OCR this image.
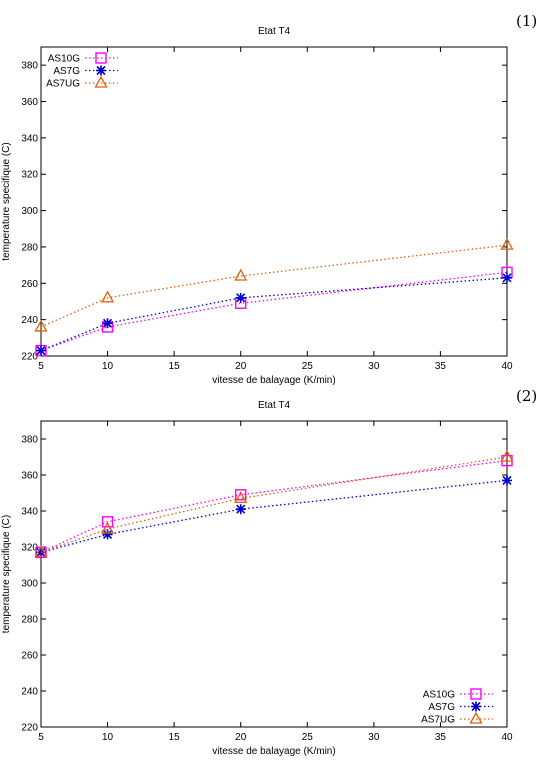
(1)
(2)
5	10	15	20	25	30	35	40
220
240
260
280
300
320
340
360
380
Etat T4
vitesse de balayage (K/min)
temperature specifique (C)
AS10G
AS7G
AS7UG
5	10	15	20	25	30	35	40
220
240
260
280
300
320
340
360
380
Etat T4
vitesse de balayage (K/min)
temperature specifique (C)
AS10G
AS7G
AS7UG
